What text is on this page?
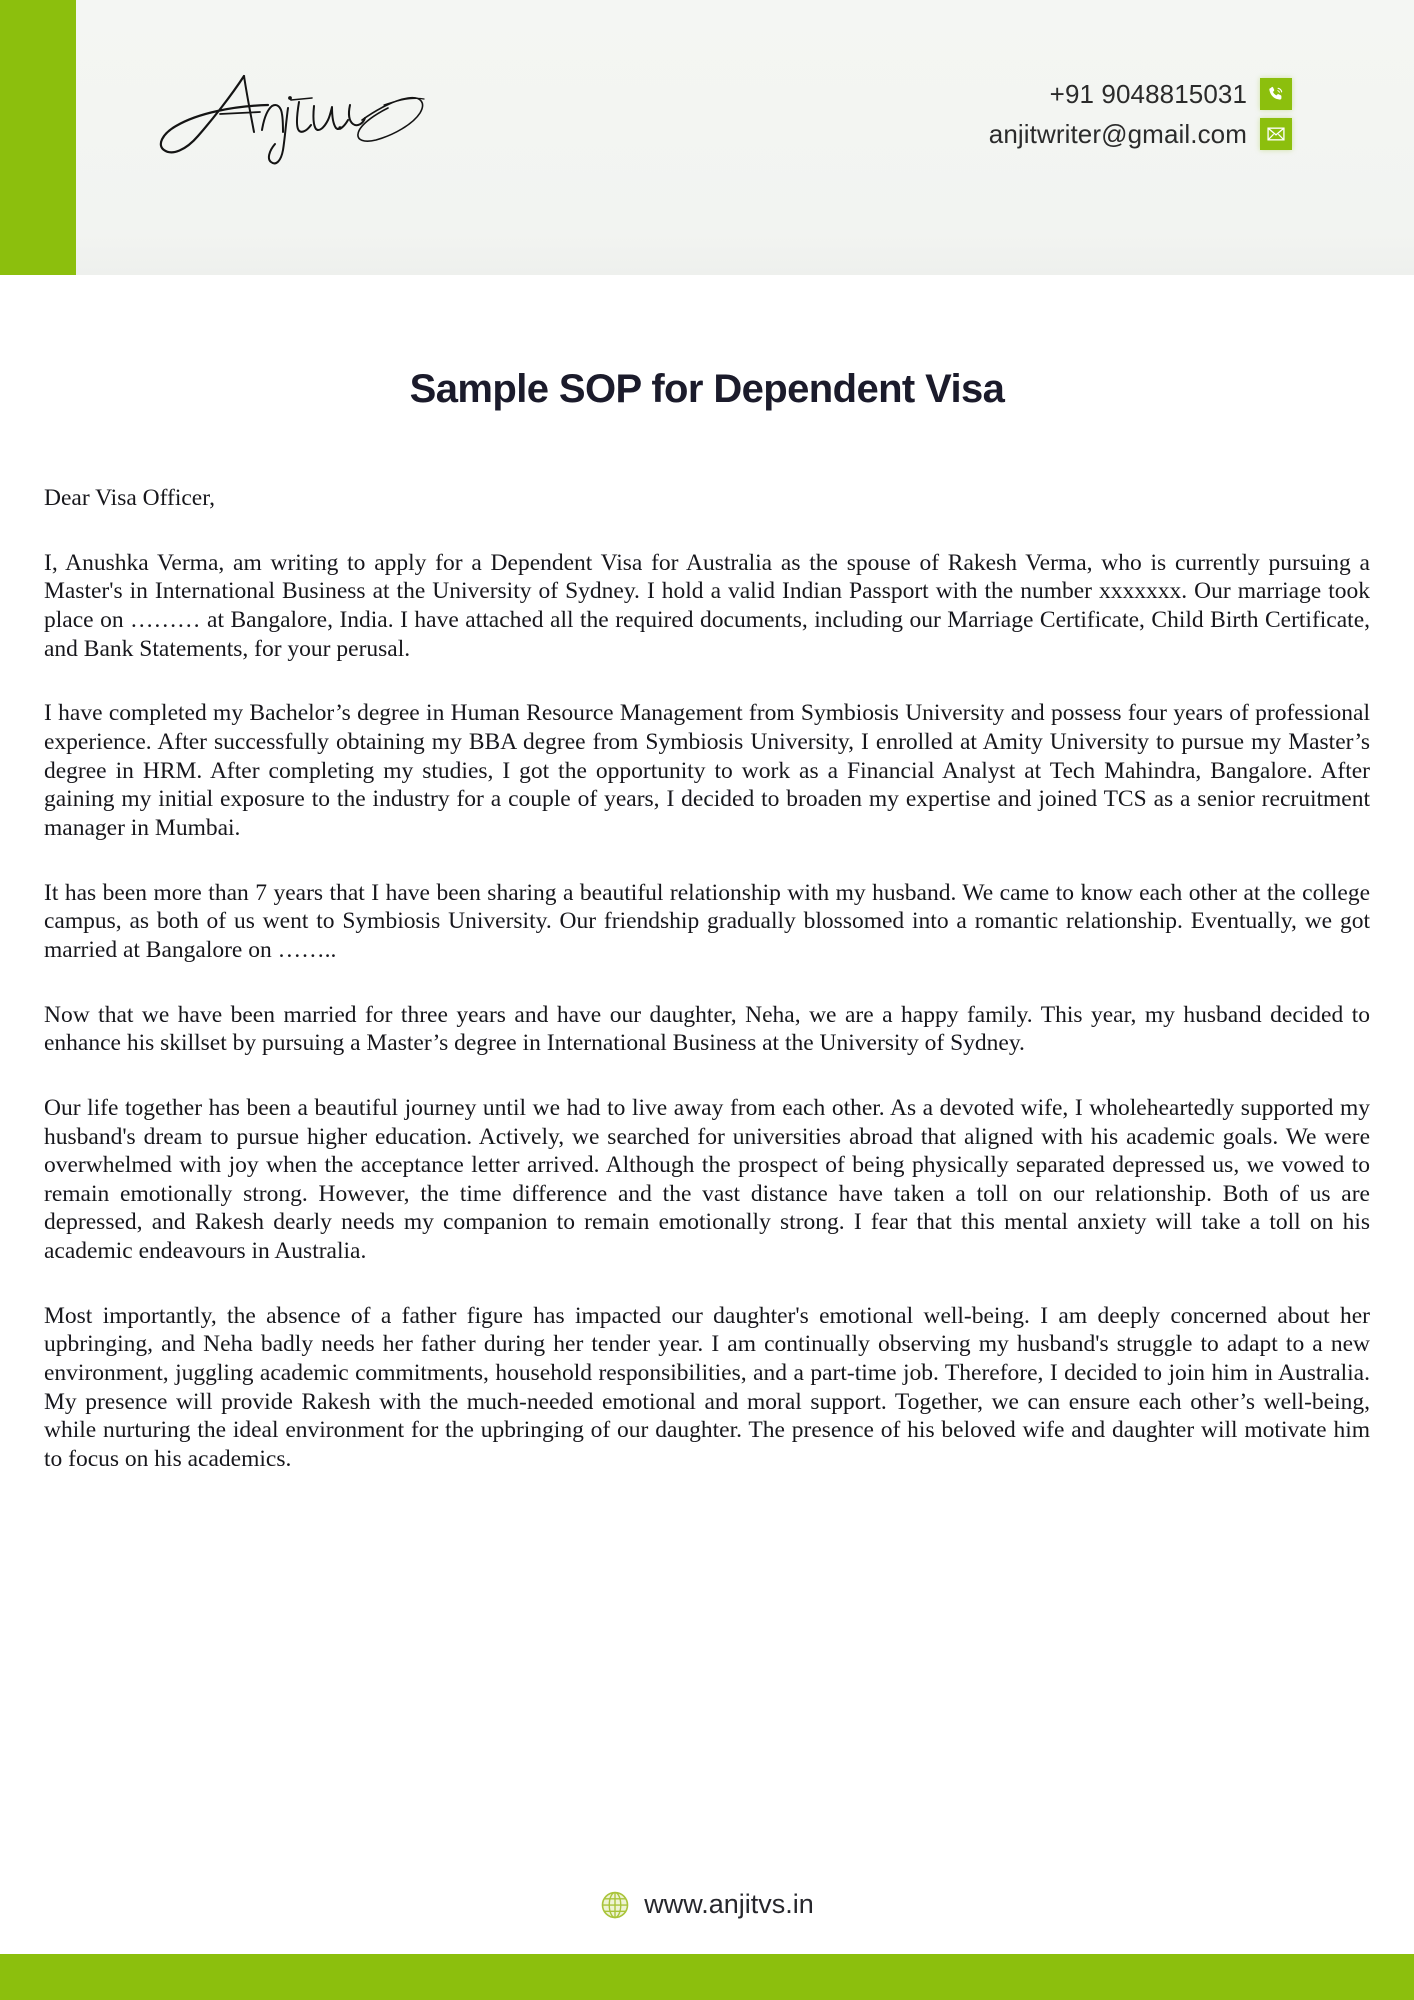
+91 9048815031
anjitwriter@gmail.com
Sample SOP for Dependent Visa

Dear Visa Officer,

I, Anushka Verma, am writing to apply for a Dependent Visa for Australia as the spouse of Rakesh Verma, who is currently pursuing a Master's in International Business at the University of Sydney. I hold a valid Indian Passport with the number xxxxxxx. Our marriage took place on ……… at Bangalore, India. I have attached all the required documents, including our Marriage Certificate, Child Birth Certificate, and Bank Statements, for your perusal.

I have completed my Bachelor’s degree in Human Resource Management from Symbiosis University and possess four years of professional experience. After successfully obtaining my BBA degree from Symbiosis University, I enrolled at Amity University to pursue my Master’s degree in HRM. After completing my studies, I got the opportunity to work as a Financial Analyst at Tech Mahindra, Bangalore. After gaining my initial exposure to the industry for a couple of years, I decided to broaden my expertise and joined TCS as a senior recruitment manager in Mumbai.

It has been more than 7 years that I have been sharing a beautiful relationship with my husband. We came to know each other at the college campus, as both of us went to Symbiosis University. Our friendship gradually blossomed into a romantic relationship. Eventually, we got married at Bangalore on ……..

Now that we have been married for three years and have our daughter, Neha, we are a happy family. This year, my husband decided to enhance his skillset by pursuing a Master’s degree in International Business at the University of Sydney.

Our life together has been a beautiful journey until we had to live away from each other. As a devoted wife, I wholeheartedly supported my husband's dream to pursue higher education. Actively, we searched for universities abroad that aligned with his academic goals. We were overwhelmed with joy when the acceptance letter arrived. Although the prospect of being physically separated depressed us, we vowed to remain emotionally strong. However, the time difference and the vast distance have taken a toll on our relationship. Both of us are depressed, and Rakesh dearly needs my companion to remain emotionally strong. I fear that this mental anxiety will take a toll on his academic endeavours in Australia.

Most importantly, the absence of a father figure has impacted our daughter's emotional well-being. I am deeply concerned about her upbringing, and Neha badly needs her father during her tender year. I am continually observing my husband's struggle to adapt to a new environment, juggling academic commitments, household responsibilities, and a part-time job. Therefore, I decided to join him in Australia. My presence will provide Rakesh with the much-needed emotional and moral support. Together, we can ensure each other’s well-being, while nurturing the ideal environment for the upbringing of our daughter. The presence of his beloved wife and daughter will motivate him to focus on his academics.

www.anjitvs.in
